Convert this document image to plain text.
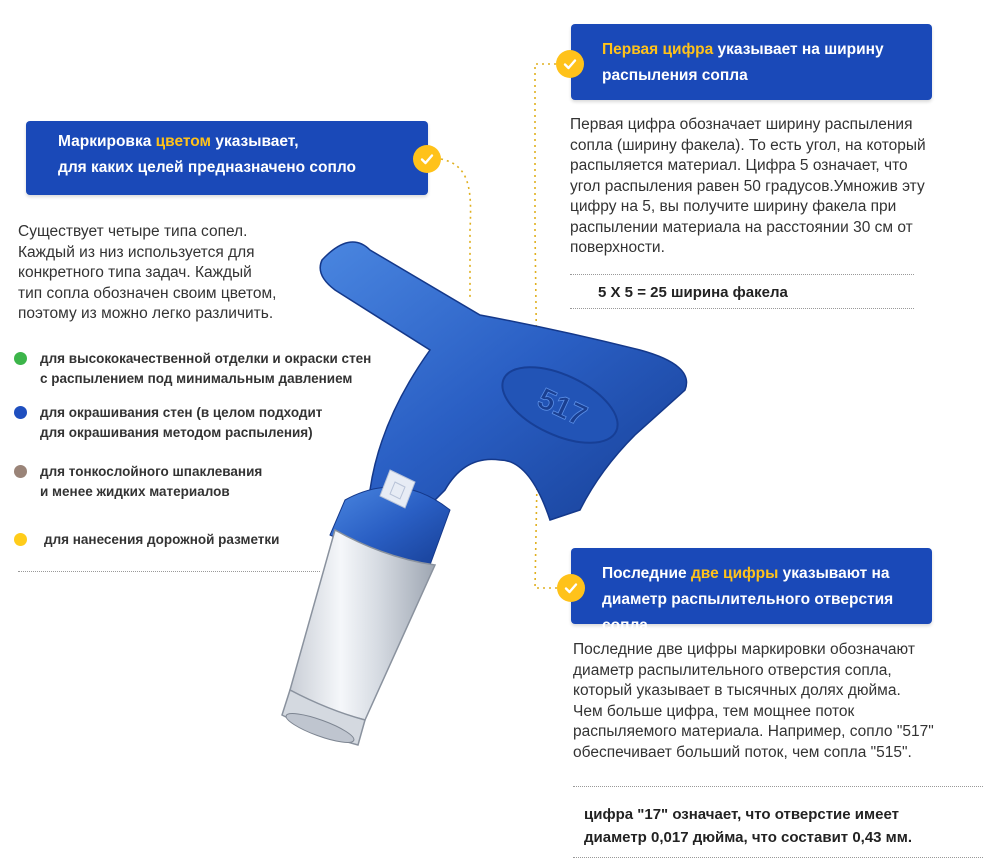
Маркировка цветом указывает,
для каких целей предназначено сопло
Первая цифра указывает на ширину
распыления сопла
Последние две цифры указывают на
диаметр распылительного отверстия сопла
Существует четыре типа сопел.
Каждый из низ используется для
конкретного типа задач. Каждый
тип сопла обозначен своим цветом,
поэтому из можно легко различить.
для высококачественной отделки и окраски стен
с распылением под минимальным давлением
для окрашивания стен (в целом подходит
для окрашивания методом распыления)
для тонкослойного шпаклевания
и менее жидких материалов
для нанесения дорожной разметки
Первая цифра обозначает ширину распыления
сопла (ширину факела). То есть угол, на который
распыляется материал. Цифра 5 означает, что
угол распыления равен 50 градусов.Умножив эту
цифру на 5, вы получите ширину факела при
распылении материала на расстоянии 30 см от
поверхности.
5 X 5 = 25 ширина факела
Последние две цифры маркировки обозначают
диаметр распылительного отверстия сопла,
который указывает в тысячных долях дюйма.
Чем больше цифра, тем мощнее поток
распыляемого материала. Например, сопло "517"
обеспечивает больший поток, чем сопла "515".
цифра "17" означает, что отверстие имеет
диаметр 0,017 дюйма, что составит 0,43 мм.
517
